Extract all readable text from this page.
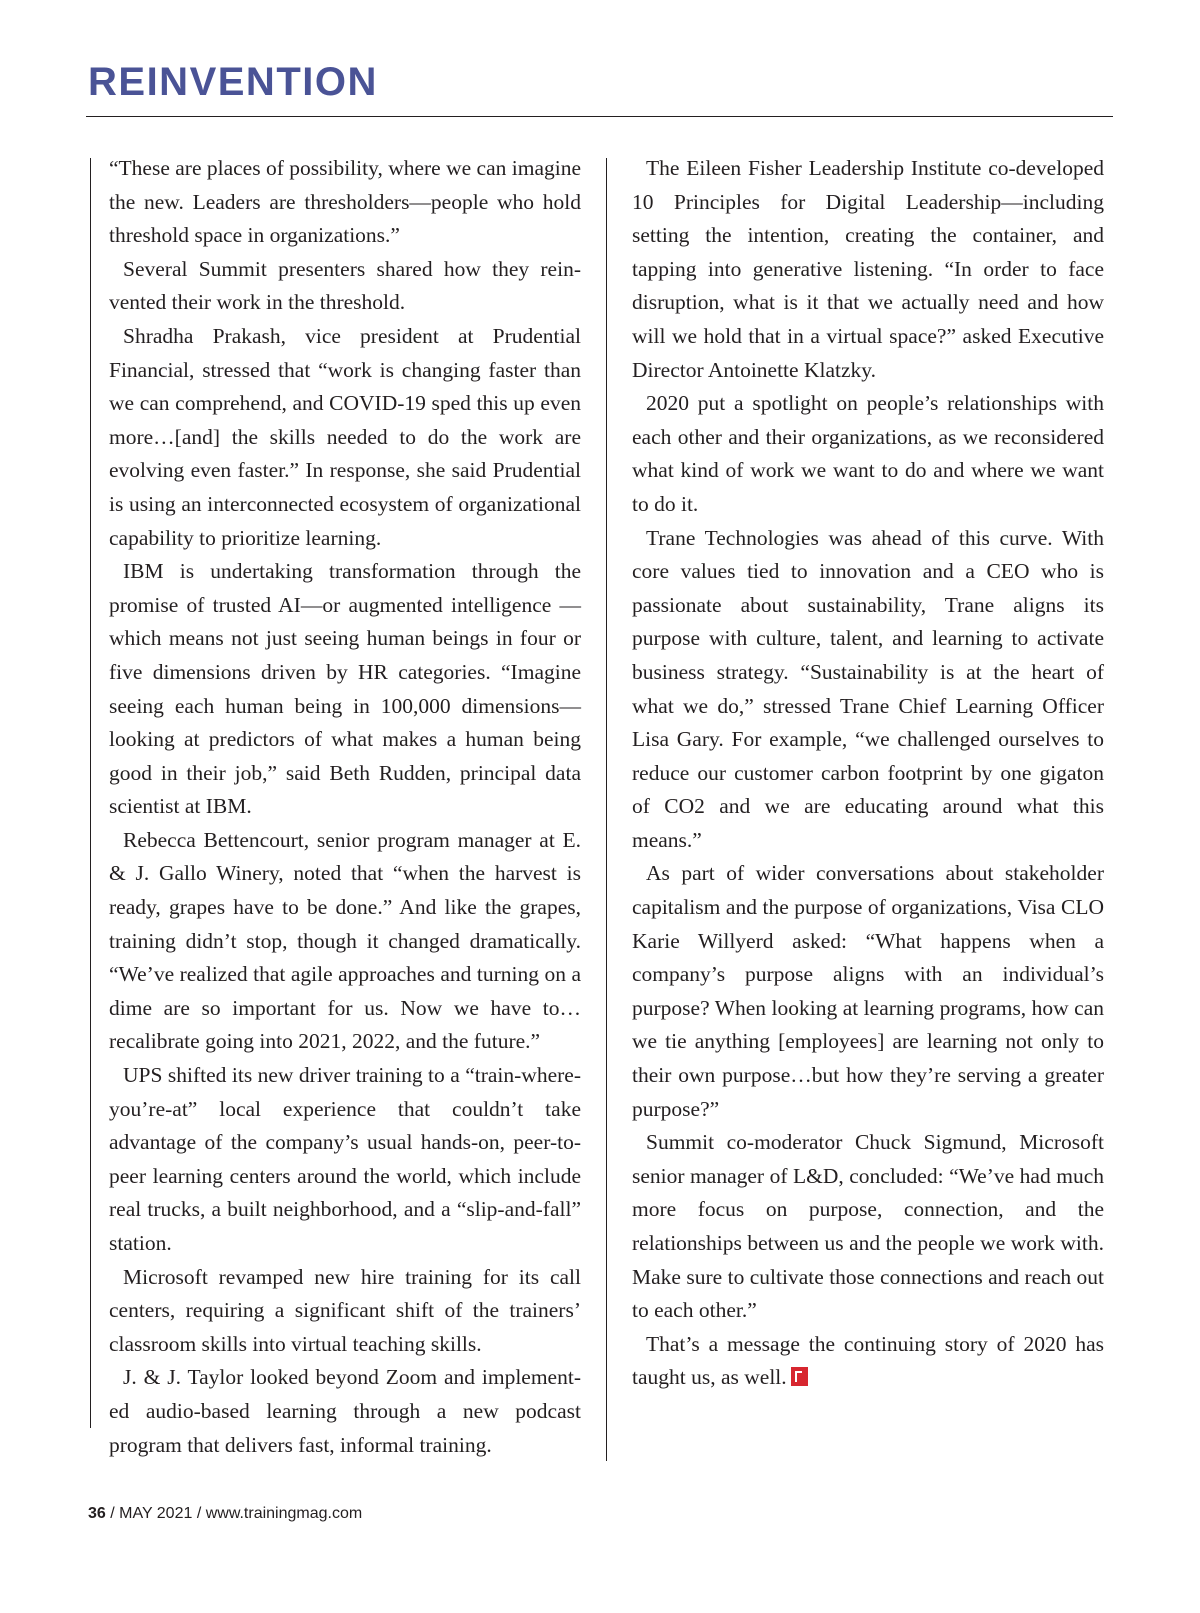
REINVENTION

“These are places of possibility, where we can imagine the new. Leaders are thresholders—people who hold threshold space in organizations.”

Several Summit presenters shared how they reinvented their work in the threshold.

Shradha Prakash, vice president at Prudential Financial, stressed that “work is changing faster than we can comprehend, and COVID-19 sped this up even more…[and] the skills needed to do the work are evolving even faster.” In response, she said Prudential is using an interconnected ecosystem of organizational capability to prioritize learning.

IBM is undertaking transformation through the promise of trusted AI—or augmented intelligence —which means not just seeing human beings in four or five dimensions driven by HR categories. “Imagine seeing each human being in 100,000 dimensions—looking at predictors of what makes a human being good in their job,” said Beth Rudden, principal data scientist at IBM.

Rebecca Bettencourt, senior program manager at E. & J. Gallo Winery, noted that “when the harvest is ready, grapes have to be done.” And like the grapes, training didn’t stop, though it changed dramatically. “We’ve realized that agile approaches and turning on a dime are so important for us. Now we have to…recalibrate going into 2021, 2022, and the future.”

UPS shifted its new driver training to a “train-where-you’re-at” local experience that couldn’t take advantage of the company’s usual hands-on, peer-to-peer learning centers around the world, which include real trucks, a built neighborhood, and a “slip-and-fall” station.

Microsoft revamped new hire training for its call centers, requiring a significant shift of the trainers’ classroom skills into virtual teaching skills.

J. & J. Taylor looked beyond Zoom and implemented audio-based learning through a new podcast program that delivers fast, informal training.

The Eileen Fisher Leadership Institute co-developed 10 Principles for Digital Leadership—including setting the intention, creating the container, and tapping into generative listening. “In order to face disruption, what is it that we actually need and how will we hold that in a virtual space?” asked Executive Director Antoinette Klatzky.

2020 put a spotlight on people’s relationships with each other and their organizations, as we reconsidered what kind of work we want to do and where we want to do it.

Trane Technologies was ahead of this curve. With core values tied to innovation and a CEO who is passionate about sustainability, Trane aligns its purpose with culture, talent, and learning to activate business strategy. “Sustainability is at the heart of what we do,” stressed Trane Chief Learning Officer Lisa Gary. For example, “we challenged ourselves to reduce our customer carbon footprint by one gigaton of CO2 and we are educating around what this means.”

As part of wider conversations about stakeholder capitalism and the purpose of organizations, Visa CLO Karie Willyerd asked: “What happens when a company’s purpose aligns with an individual’s purpose? When looking at learning programs, how can we tie anything [employees] are learning not only to their own purpose…but how they’re serving a greater purpose?”

Summit co-moderator Chuck Sigmund, Microsoft senior manager of L&D, concluded: “We’ve had much more focus on purpose, connection, and the relationships between us and the people we work with. Make sure to cultivate those connections and reach out to each other.”

That’s a message the continuing story of 2020 has taught us, as well.

36 / MAY 2021 / www.trainingmag.com
